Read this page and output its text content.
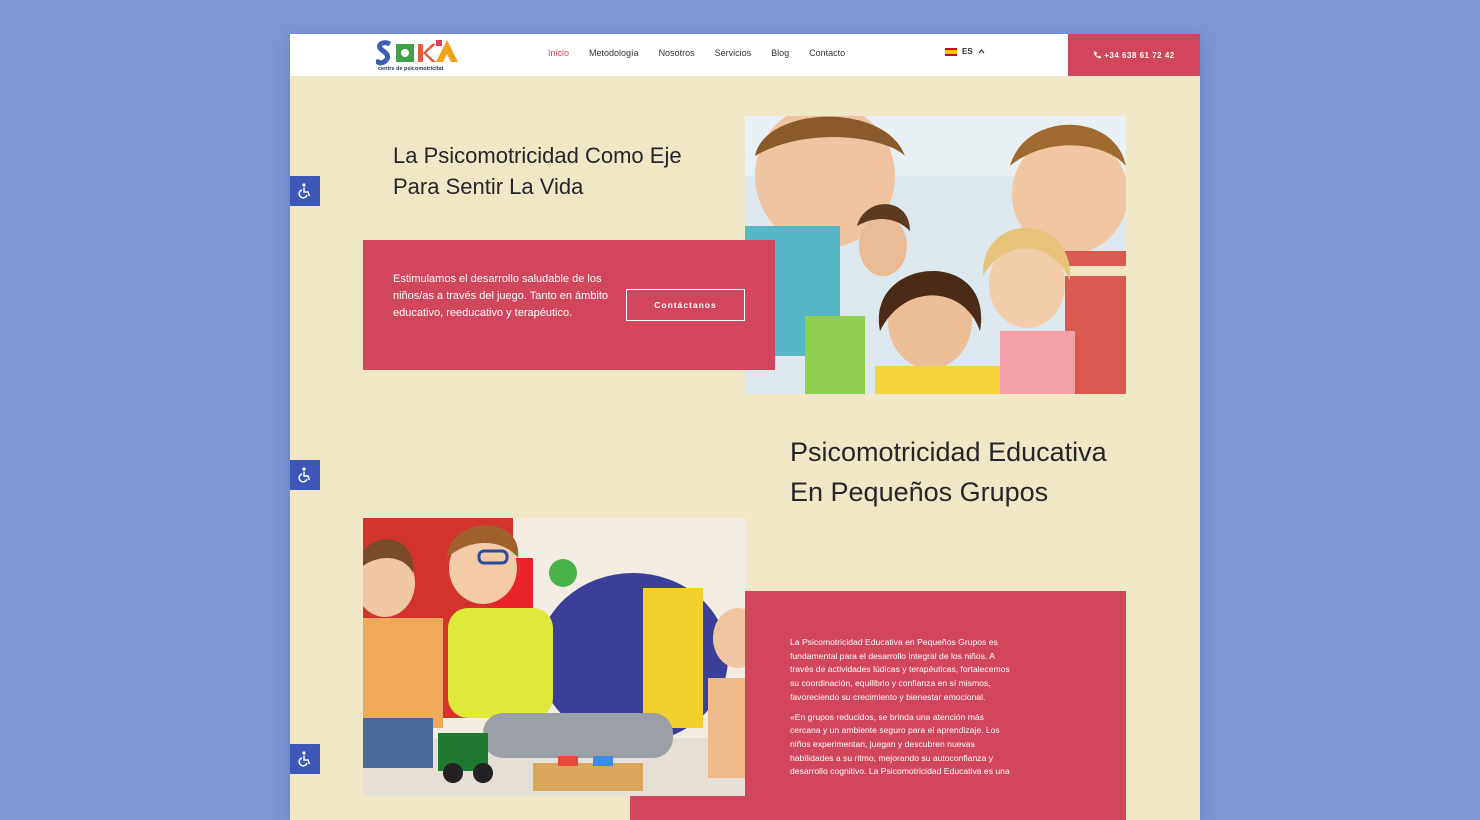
centre de psicomotricitat
Inicio Metodología Nosotros Servicios Blog Contacto	ES	+34 638 61 72 42
La Psicomotricidad Como Eje Para Sentir La Vida
Estimulamos el desarrollo saludable de los niños/as a través del juego. Tanto en ámbito educativo, reeducativo y terapéutico.
Contáctanos
Psicomotricidad Educativa En Pequeños Grupos

La Psicomotricidad Educativa en Pequeños Grupos es fundamental para el desarrollo integral de los niños. A través de actividades lúdicas y terapéuticas, fortalecemos su coordinación, equilibrio y confianza en sí mismos, favoreciendo su crecimiento y bienestar emocional.

«En grupos reducidos, se brinda una atención más cercana y un ambiente seguro para el aprendizaje. Los niños experimentan, juegan y descubren nuevas habilidades a su ritmo, mejorando su autoconfianza y desarrollo cognitivo. La Psicomotricidad Educativa es una
